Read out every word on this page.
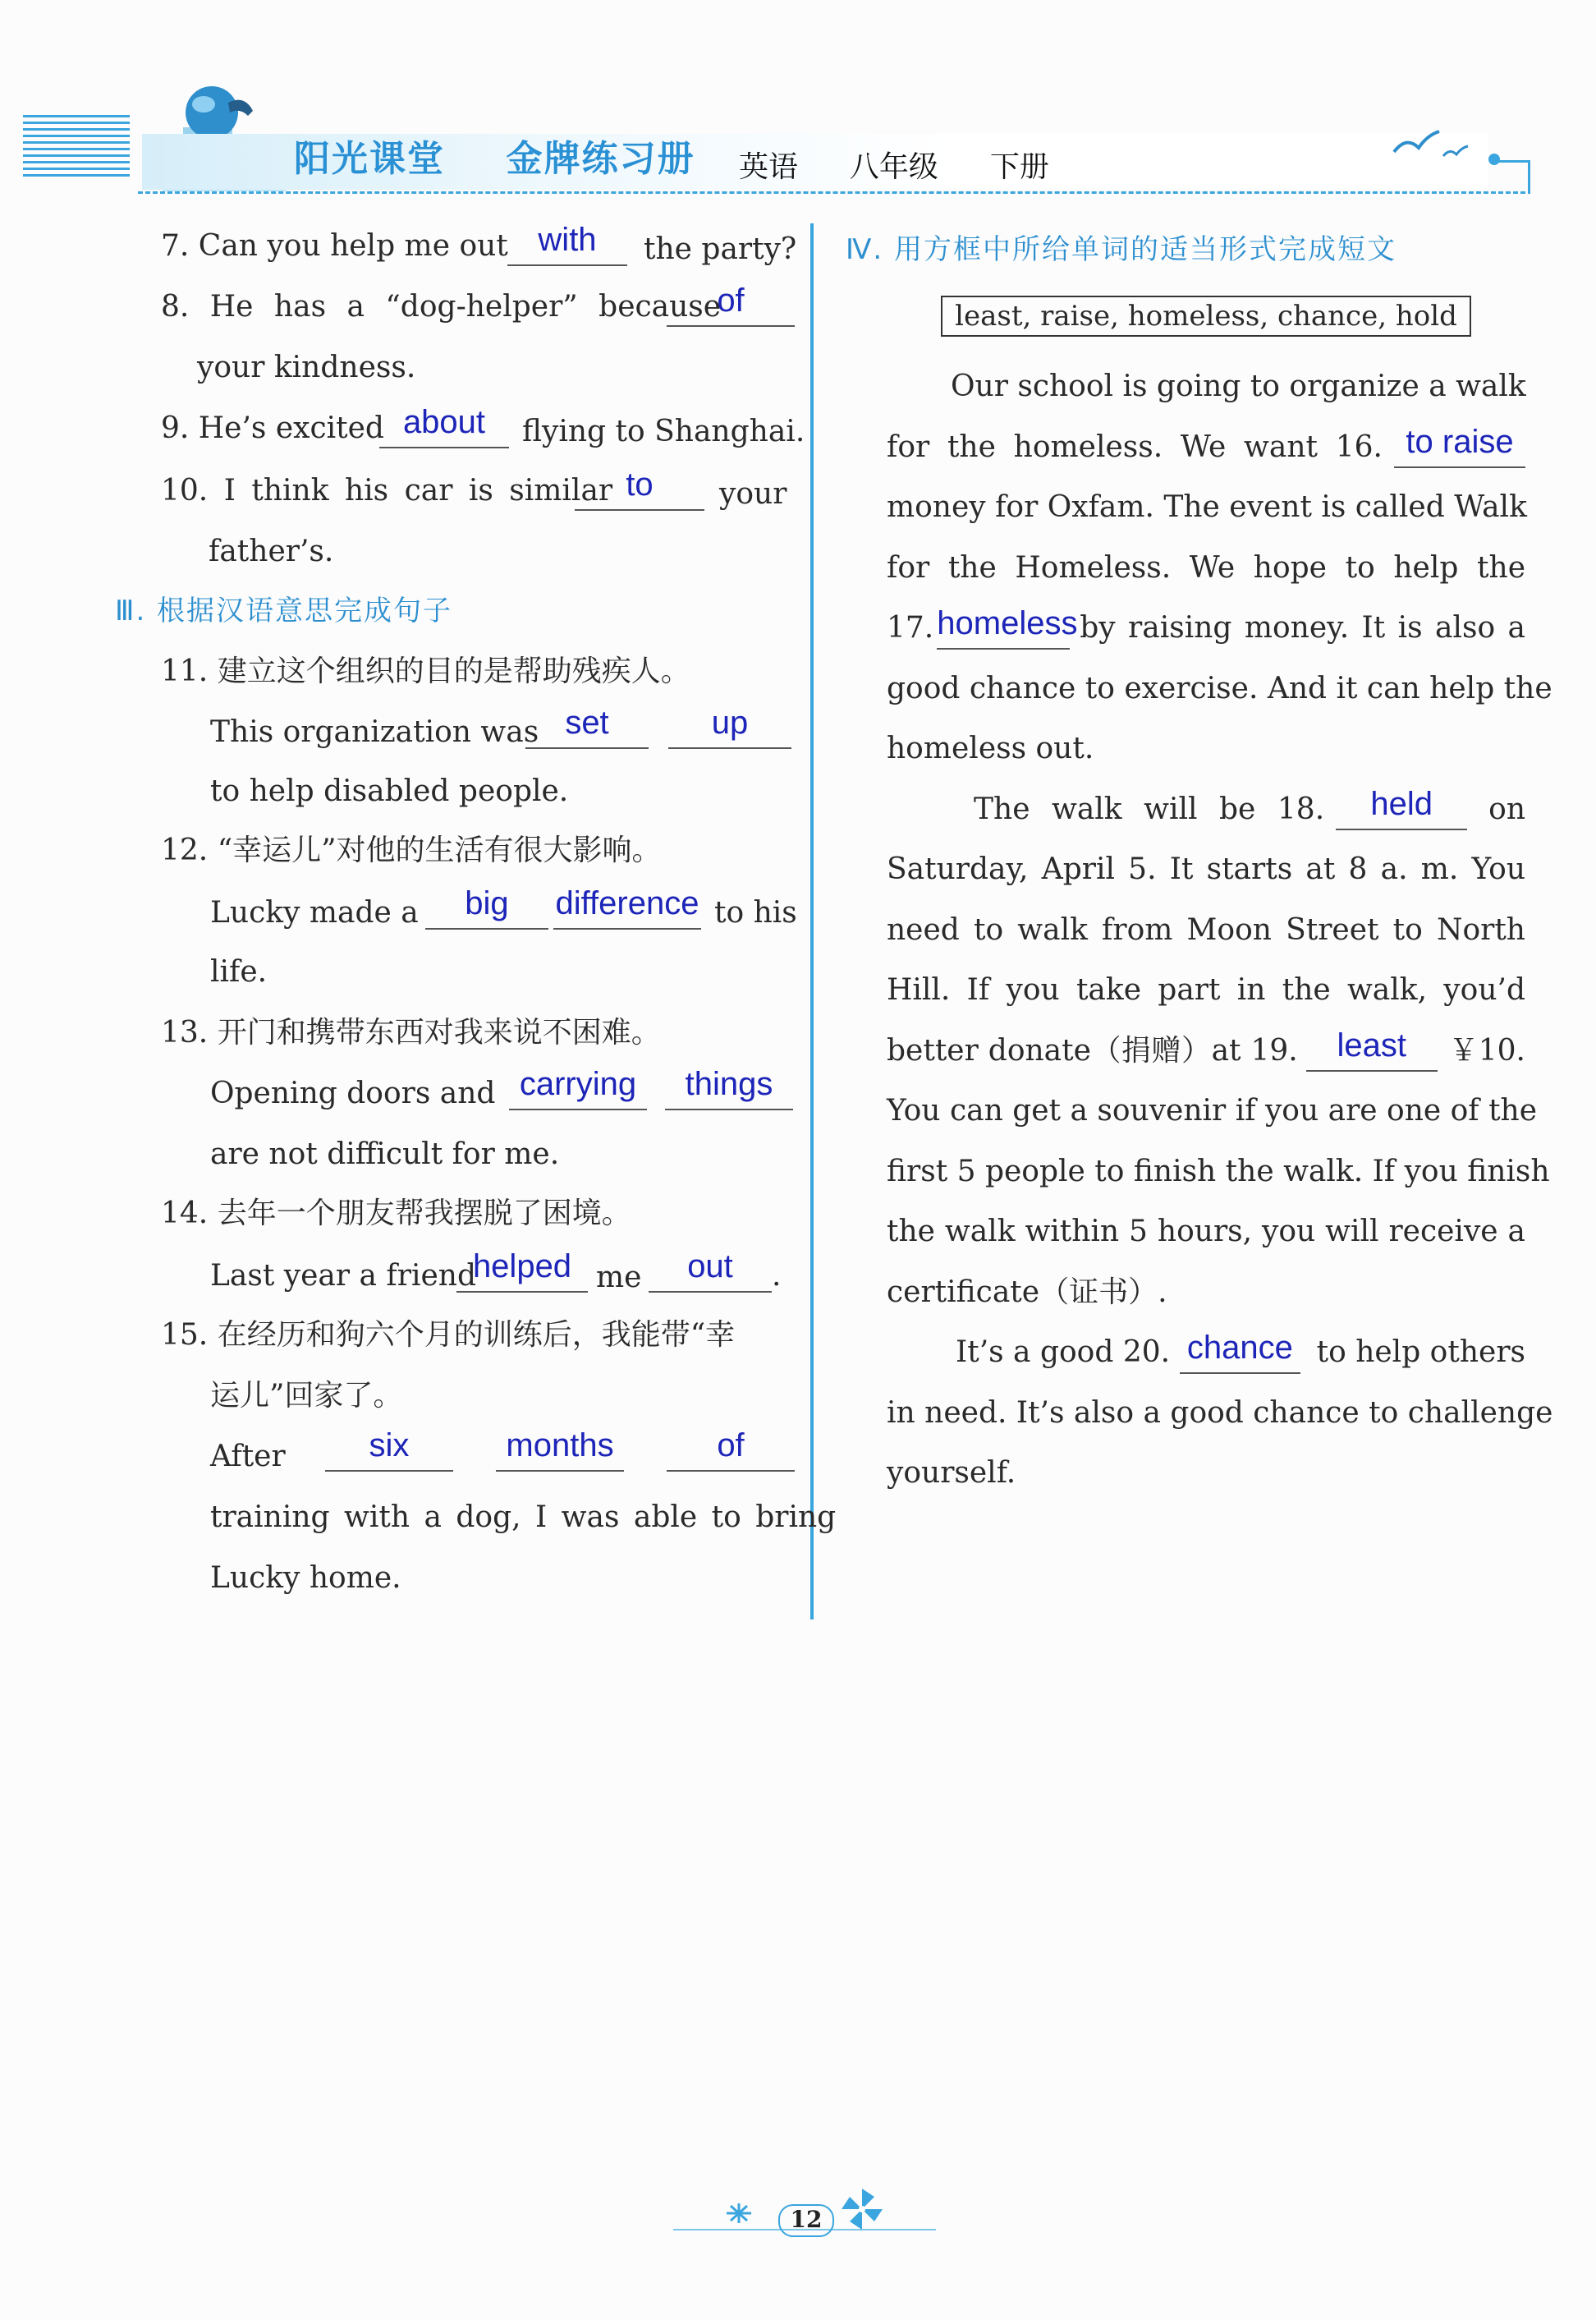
阳光课堂 金牌练习册 英语 八年级 下册
7. Can you help me out with	the party?
8. He has a “dog-helper” because
of
your kindness.
9. He’s excited about	flying to Shanghai.
10. I think his car is similar to	your
father’s.
Ⅲ. 根据汉语意思完成句子
11. 建立这个组织的目的是帮助残疾人。
This organization was set	up
to help disabled people.
12. “幸运儿”对他的生活有很大影响。
Lucky made a	big	difference to his
life.
13. 开门和携带东西对我来说不困难。
Opening doors and carrying	things
are not difficult for me.
14. 去年一个朋友帮我摆脱了困境。
Last year a friend
helped me	out	.
15. 在经历和狗六个月的训练后，我能带“幸
运儿”回家了。
After	six	months	of
training with a dog, I was able to bring
Lucky home.
Ⅳ. 用方框中所给单词的适当形式完成短文
least, raise, homeless, chance, hold
Our school is going to organize a walk
for the homeless. We want 16. to raise
money for Oxfam. The event is called Walk
for the Homeless. We hope to help the
17. homeless by raising money. It is also a
good chance to exercise. And it can help the
homeless out.
The walk will be 18.	held	on
Saturday, April 5. It starts at 8 a. m. You
need to walk from Moon Street to North
Hill. If you take part in the walk, you’d
better donate（捐赠）at 19.	least	￥10.
You can get a souvenir if you are one of the
first 5 people to finish the walk. If you finish
the walk within 5 hours, you will receive a
certificate（证书）.
It’s a good 20. chance to help others
in need. It’s also a good chance to challenge
yourself.
12
